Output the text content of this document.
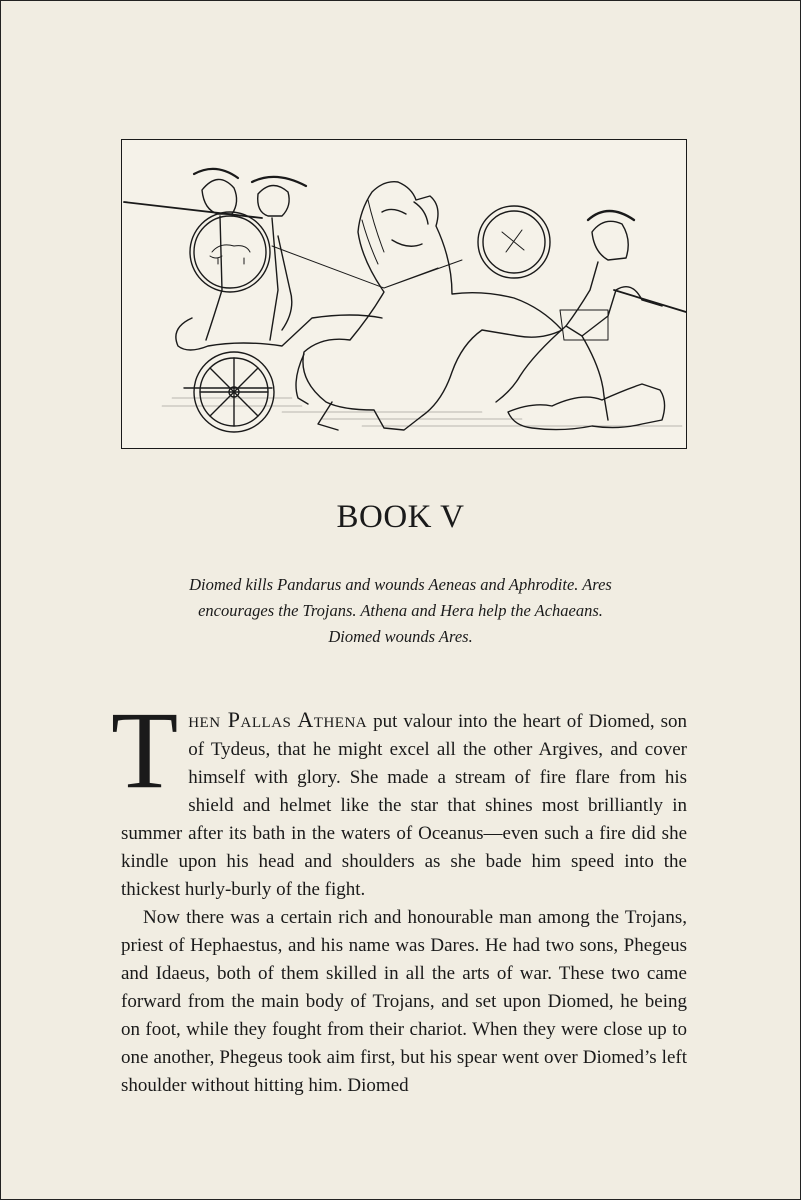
BOOK V
Diomed kills Pandarus and wounds Aeneas and Aphrodite. Ares
encourages the Trojans. Athena and Hera help the Achaeans.
Diomed wounds Ares.

Then Pallas Athena put valour into the heart of Diomed, son of Tydeus, that he might excel all the other Argives, and cover himself with glory. She made a stream of fire flare from his shield and helmet like the star that shines most brilliantly in summer after its bath in the waters of Oceanus—even such a fire did she kindle upon his head and shoulders as she bade him speed into the thickest hurly-burly of the fight.

Now there was a certain rich and honourable man among the Trojans, priest of Hephaestus, and his name was Dares. He had two sons, Phegeus and Idaeus, both of them skilled in all the arts of war. These two came forward from the main body of Trojans, and set upon Diomed, he being on foot, while they fought from their chariot. When they were close up to one another, Phegeus took aim first, but his spear went over Diomed’s left shoulder without hitting him. Diomed
